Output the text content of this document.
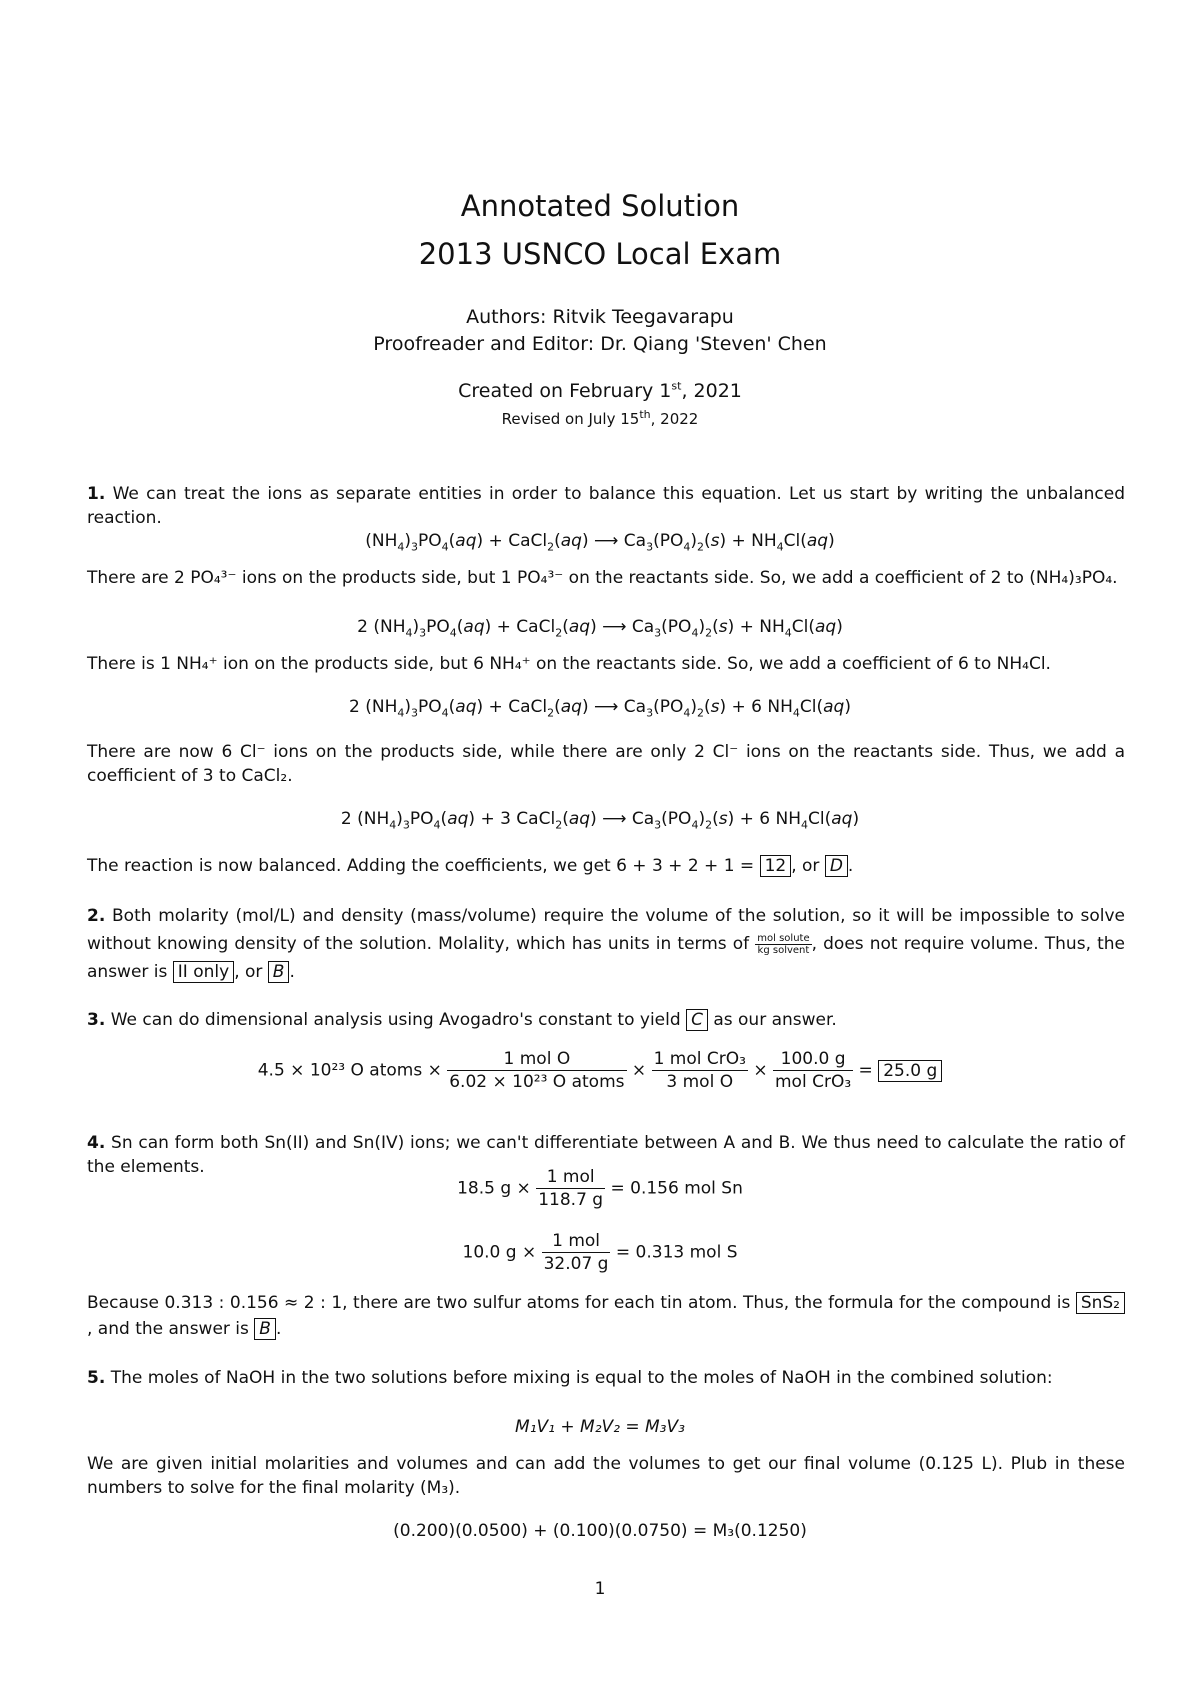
Annotated Solution
2013 USNCO Local Exam
Authors: Ritvik Teegavarapu
Proofreader and Editor: Dr. Qiang 'Steven' Chen
Created on February 1st, 2021
Revised on July 15th, 2022
1. We can treat the ions as separate entities in order to balance this equation. Let us start by writing the unbalanced reaction.
$(NH_4)_3PO_4(aq)$ + CaCl$_2$(aq) ⟶ $Ca_3(PO_4)_2(s) + NH_4Cl(aq)$
There are 2 PO₄³⁻ ions on the products side, but 1 PO₄³⁻ on the reactants side. So, we add a coefficient of 2 to (NH₄)₃PO₄.
2 $(NH_4)_3PO_4(aq)$ + CaCl$_2$(aq) ⟶ $Ca_3(PO_4)_2(s) + NH_4Cl(aq)$
There is 1 NH₄⁺ ion on the products side, but 6 NH₄⁺ on the reactants side. So, we add a coefficient of 6 to NH₄Cl.
2 $(NH_4)_3PO_4(aq)$ + CaCl$_2$(aq) ⟶ $Ca_3(PO_4)_2(s) + 6$ $NH_4Cl(aq)$
There are now 6 Cl⁻ ions on the products side, while there are only 2 Cl⁻ ions on the reactants side. Thus, we add a coefficient of 3 to CaCl₂.
2 $(NH_4)_3PO_4(aq) + 3$ CaCl$_2$(aq) ⟶ $Ca_3(PO_4)_2(s) + 6$ $NH_4Cl(aq)$
The reaction is now balanced. Adding the coefficients, we get 6 + 3 + 2 + 1 = 12 , or D .
2. Both molarity (mol/L) and density (mass/volume) require the volume of the solution, so it will be impossible to solve without knowing density of the solution. Molality, which has units in terms of $\frac{\text{mol solute}}{\text{kg solvent}}$ , does not require volume. Thus, the answer is II only , or B .
3. We can do dimensional analysis using Avogadro's constant to yield C as our answer.
4.5 × 10²³ O atoms × $\frac{\text{1 mol O}}{\text{6.02 × 10²³ O atoms}} \times \frac{\text{1 mol CrO₃}}{\text{3 mol O}} \times \frac{100.0 g}{\text{mol CrO₃}} = 25.0$ g
4. Sn can form both Sn(II) and Sn(IV) ions; we can't differentiate between A and B. We thus need to calculate the ratio of the elements.
18.5 $g \times \frac{\text{1 mol}}{118.7 g} = 0.156$ mol Sn
10.0 $g \times \frac{\text{1 mol}}{32.07 g} = 0.313$ mol S
Because 0.313 : 0.156 ≈ 2 : 1, there are two sulfur atoms for each tin atom. Thus, the formula for the compound is SnS₂, and the answer is B .
5. The moles of NaOH in the two solutions before mixing is equal to the moles of NaOH in the combined solution:
M₁V₁ + M₂V₂ = M₃V₃
We are given initial molarities and volumes and can add the volumes to get our final volume (0.125 L). Plub in these numbers to solve for the final molarity (M₃).
(0.200)(0.0500) + (0.100)(0.0750) = M₃(0.1250)
1
